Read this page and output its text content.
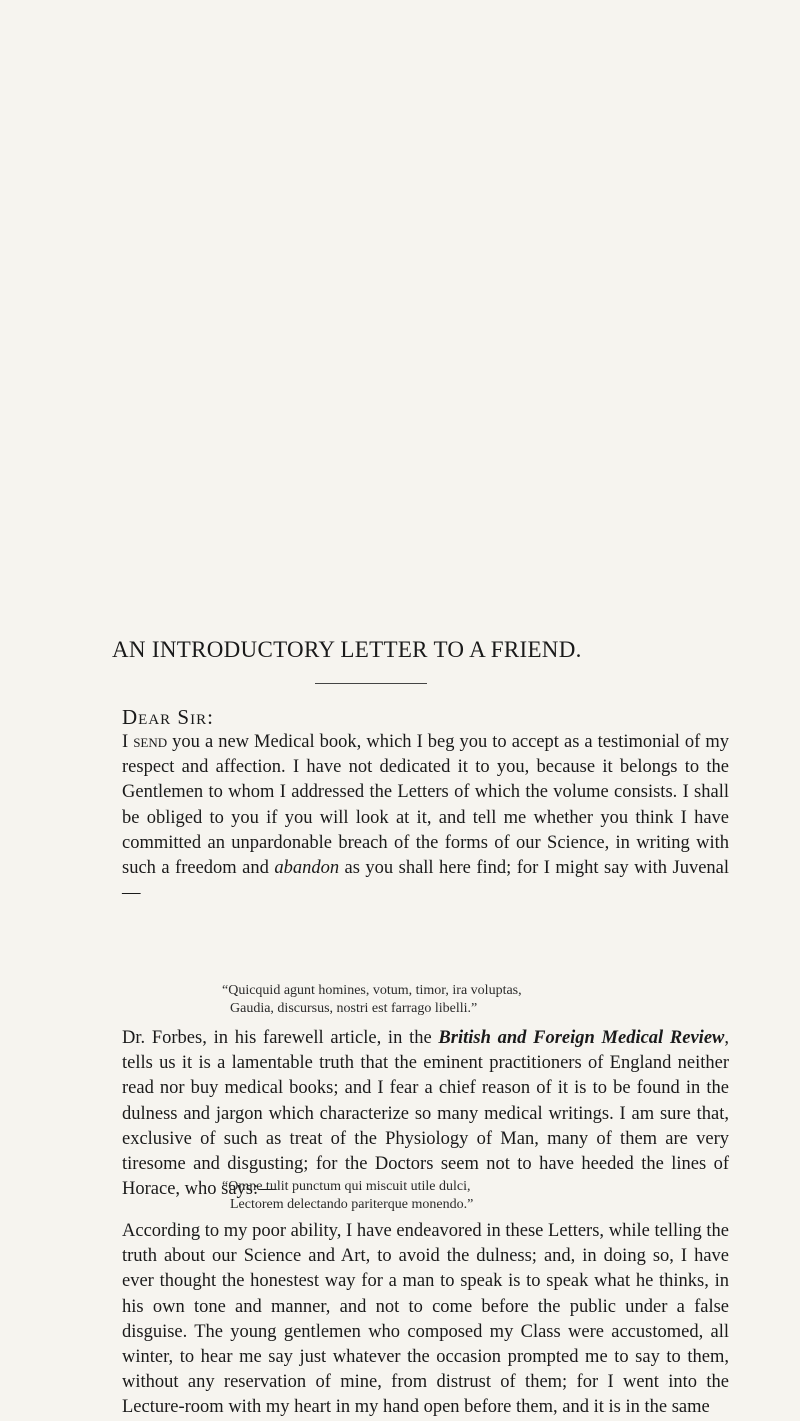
AN INTRODUCTORY LETTER TO A FRIEND.
Dear Sir:

I send you a new Medical book, which I beg you to accept as a testimonial of my respect and affection. I have not dedicated it to you, because it belongs to the Gentlemen to whom I addressed the Letters of which the volume consists. I shall be obliged to you if you will look at it, and tell me whether you think I have committed an unpardonable breach of the forms of our Science, in writing with such a freedom and abandon as you shall here find; for I might say with Juvenal—

“Quicquid agunt homines, votum, timor, ira voluptas,
Gaudia, discursus, nostri est farrago libelli.”

Dr. Forbes, in his farewell article, in the British and Foreign Medical Review, tells us it is a lamentable truth that the eminent practitioners of England neither read nor buy medical books; and I fear a chief reason of it is to be found in the dulness and jargon which characterize so many medical writings. I am sure that, exclusive of such as treat of the Physiology of Man, many of them are very tiresome and disgusting; for the Doctors seem not to have heeded the lines of Horace, who says:—

“Omne tulit punctum qui miscuit utile dulci,
Lectorem delectando pariterque monendo.”

According to my poor ability, I have endeavored in these Letters, while telling the truth about our Science and Art, to avoid the dulness; and, in doing so, I have ever thought the honestest way for a man to speak is to speak what he thinks, in his own tone and manner, and not to come before the public under a false disguise. The young gentlemen who composed my Class were accustomed, all winter, to hear me say just whatever the occasion prompted me to say to them, without any reservation of mine, from distrust of them; for I went into the Lecture-room with my heart in my hand open before them, and it is in the same
